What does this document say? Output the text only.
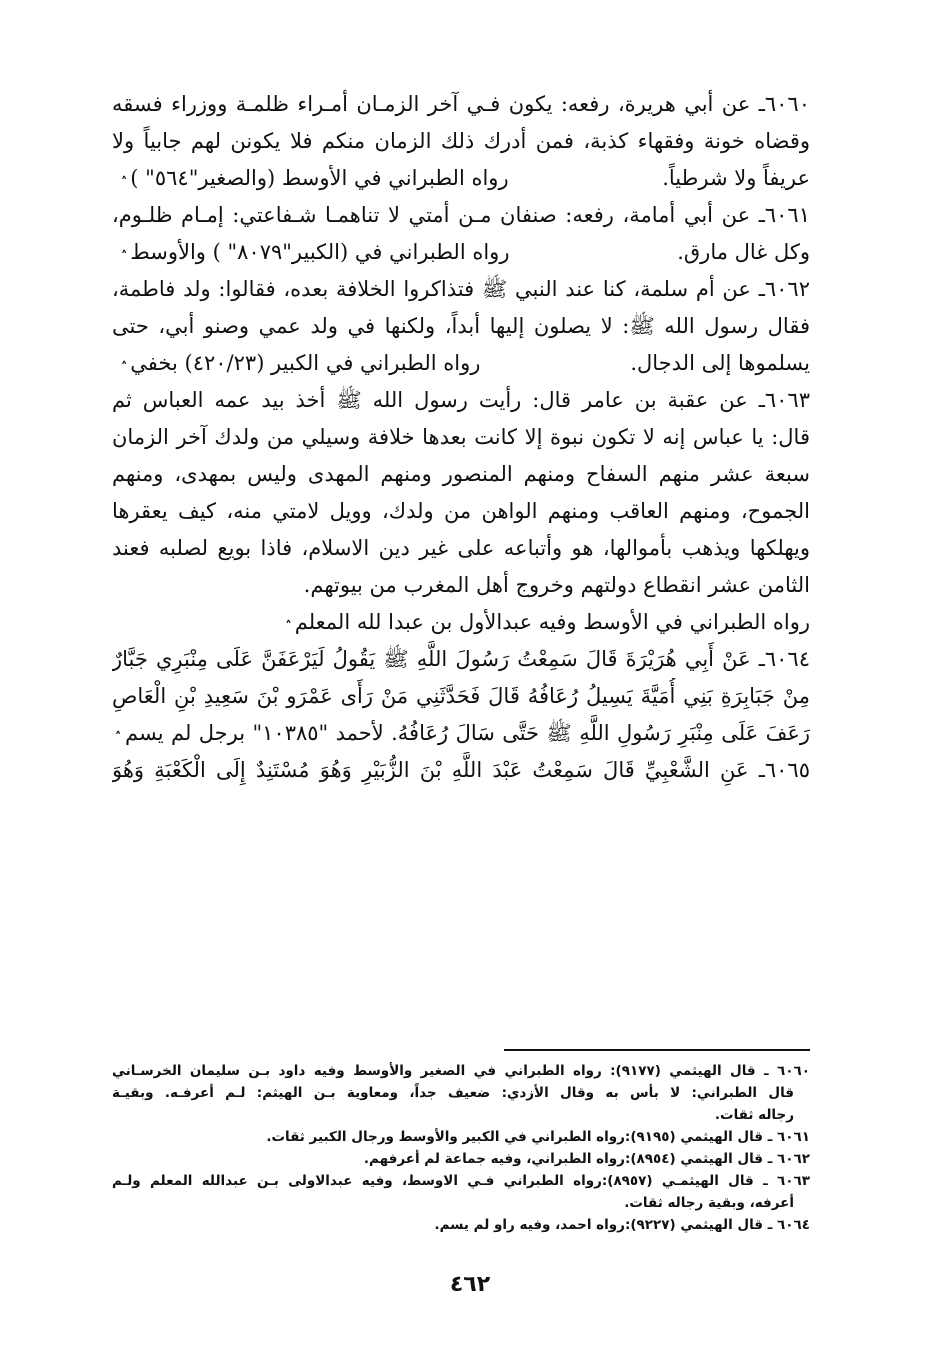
٦٠٦٠ـ عن أبي هريرة، رفعه: يكون فـي آخر الزمـان أمـراء ظلمـة ووزراء فسقه
وقضاه خونة وفقهاء كذبة، فمن أدرك ذلك الزمان منكم فلا يكونن لهم جابياً ولا
عريفاً ولا شرطياً.
رواه الطبراني في الأوسط (والصغير"٥٦٤" ) ٛ
٦٠٦١ـ عن أبي أمامة، رفعه: صنفان مـن أمتي لا تناهمـا شـفاعتي: إمـام ظلـوم،
وكل غال مارق.
رواه الطبراني في (الكبير"٨٠٧٩" ) والأوسط ٛ
٦٠٦٢ـ عن أم سلمة، كنا عند النبي ﷺ فتذاكروا الخلافة بعده، فقالوا: ولد فاطمة،
فقال رسول الله ﷺ: لا يصلون إليها أبداً، ولكنها في ولد عمي وصنو أبي، حتى
يسلموها إلى الدجال.
رواه الطبراني في الكبير (٤٢٠/٢٣) بخفي ٛ
٦٠٦٣ـ عن عقبة بن عامر قال: رأيت رسول الله ﷺ أخذ بيد عمه العباس ثم
قال: يا عباس إنه لا تكون نبوة إلا كانت بعدها خلافة وسيلي من ولدك آخر الزمان
سبعة عشر منهم السفاح ومنهم المنصور ومنهم المهدى وليس بمهدى، ومنهم
الجموح، ومنهم العاقب ومنهم الواهن من ولدك، وويل لامتي منه، كيف يعقرها
ويهلكها ويذهب بأموالها، هو وأتباعه على غير دين الاسلام، فاذا بويع لصلبه فعند
الثامن عشر انقطاع دولتهم وخروج أهل المغرب من بيوتهم.
رواه الطبراني في الأوسط وفيه عبدالأول بن عبدا لله المعلم ٛ
٦٠٦٤ـ عَنْ أَبِي هُرَيْرَةَ قَالَ سَمِعْتُ رَسُولَ اللَّهِ ﷺ يَقُولُ لَيَرْعَفَنَّ عَلَى مِنْبَرِي جَبَّارٌ
مِنْ جَبَابِرَةِ بَنِي أُمَيَّةَ يَسِيلُ رُعَافُهُ قَالَ فَحَدَّثَنِي مَنْ رَأَى عَمْرَو بْنَ سَعِيدِ بْنِ الْعَاصِ
رَعَفَ عَلَى مِنْبَرِ رَسُولِ اللَّهِ ﷺ حَتَّى سَالَ رُعَافُهُ. لأحمد "١٠٣٨٥" برجل لم يسم ٛ
٦٠٦٥ـ عَنِ الشَّعْبِيِّ قَالَ سَمِعْتُ عَبْدَ اللَّهِ بْنَ الزُّبَيْرِ وَهُوَ مُسْتَنِدٌ إِلَى الْكَعْبَةِ وَهُوَ
٦٠٦٠ ـ قال الهيثمي (٩١٧٧): رواه الطبراني في الصغير والأوسط وفيه داود بـن سليمان الخرسـاني
قال الطبراني: لا بأس به وقال الأزدي: ضعيف جداً، ومعاوية بـن الهيثم: لـم أعرفـه. وبقيـة
رجاله ثقات.
٦٠٦١ ـ قال الهيثمي (٩١٩٥):رواه الطبراني في الكبير والأوسط ورجال الكبير ثقات.
٦٠٦٢ ـ قال الهيثمي (٨٩٥٤):رواه الطبراني، وفيه جماعة لم أعرفهم.
٦٠٦٣ ـ قال الهيثمـي (٨٩٥٧):رواه الطبراني فـي الاوسط، وفيه عبدالاولى بـن عبدالله المعلم ولـم
أعرفه، وبقية رجاله ثقات.
٦٠٦٤ ـ قال الهيثمي (٩٢٢٧):رواه احمد، وفيه راو لم يسم.
٤٦٢
